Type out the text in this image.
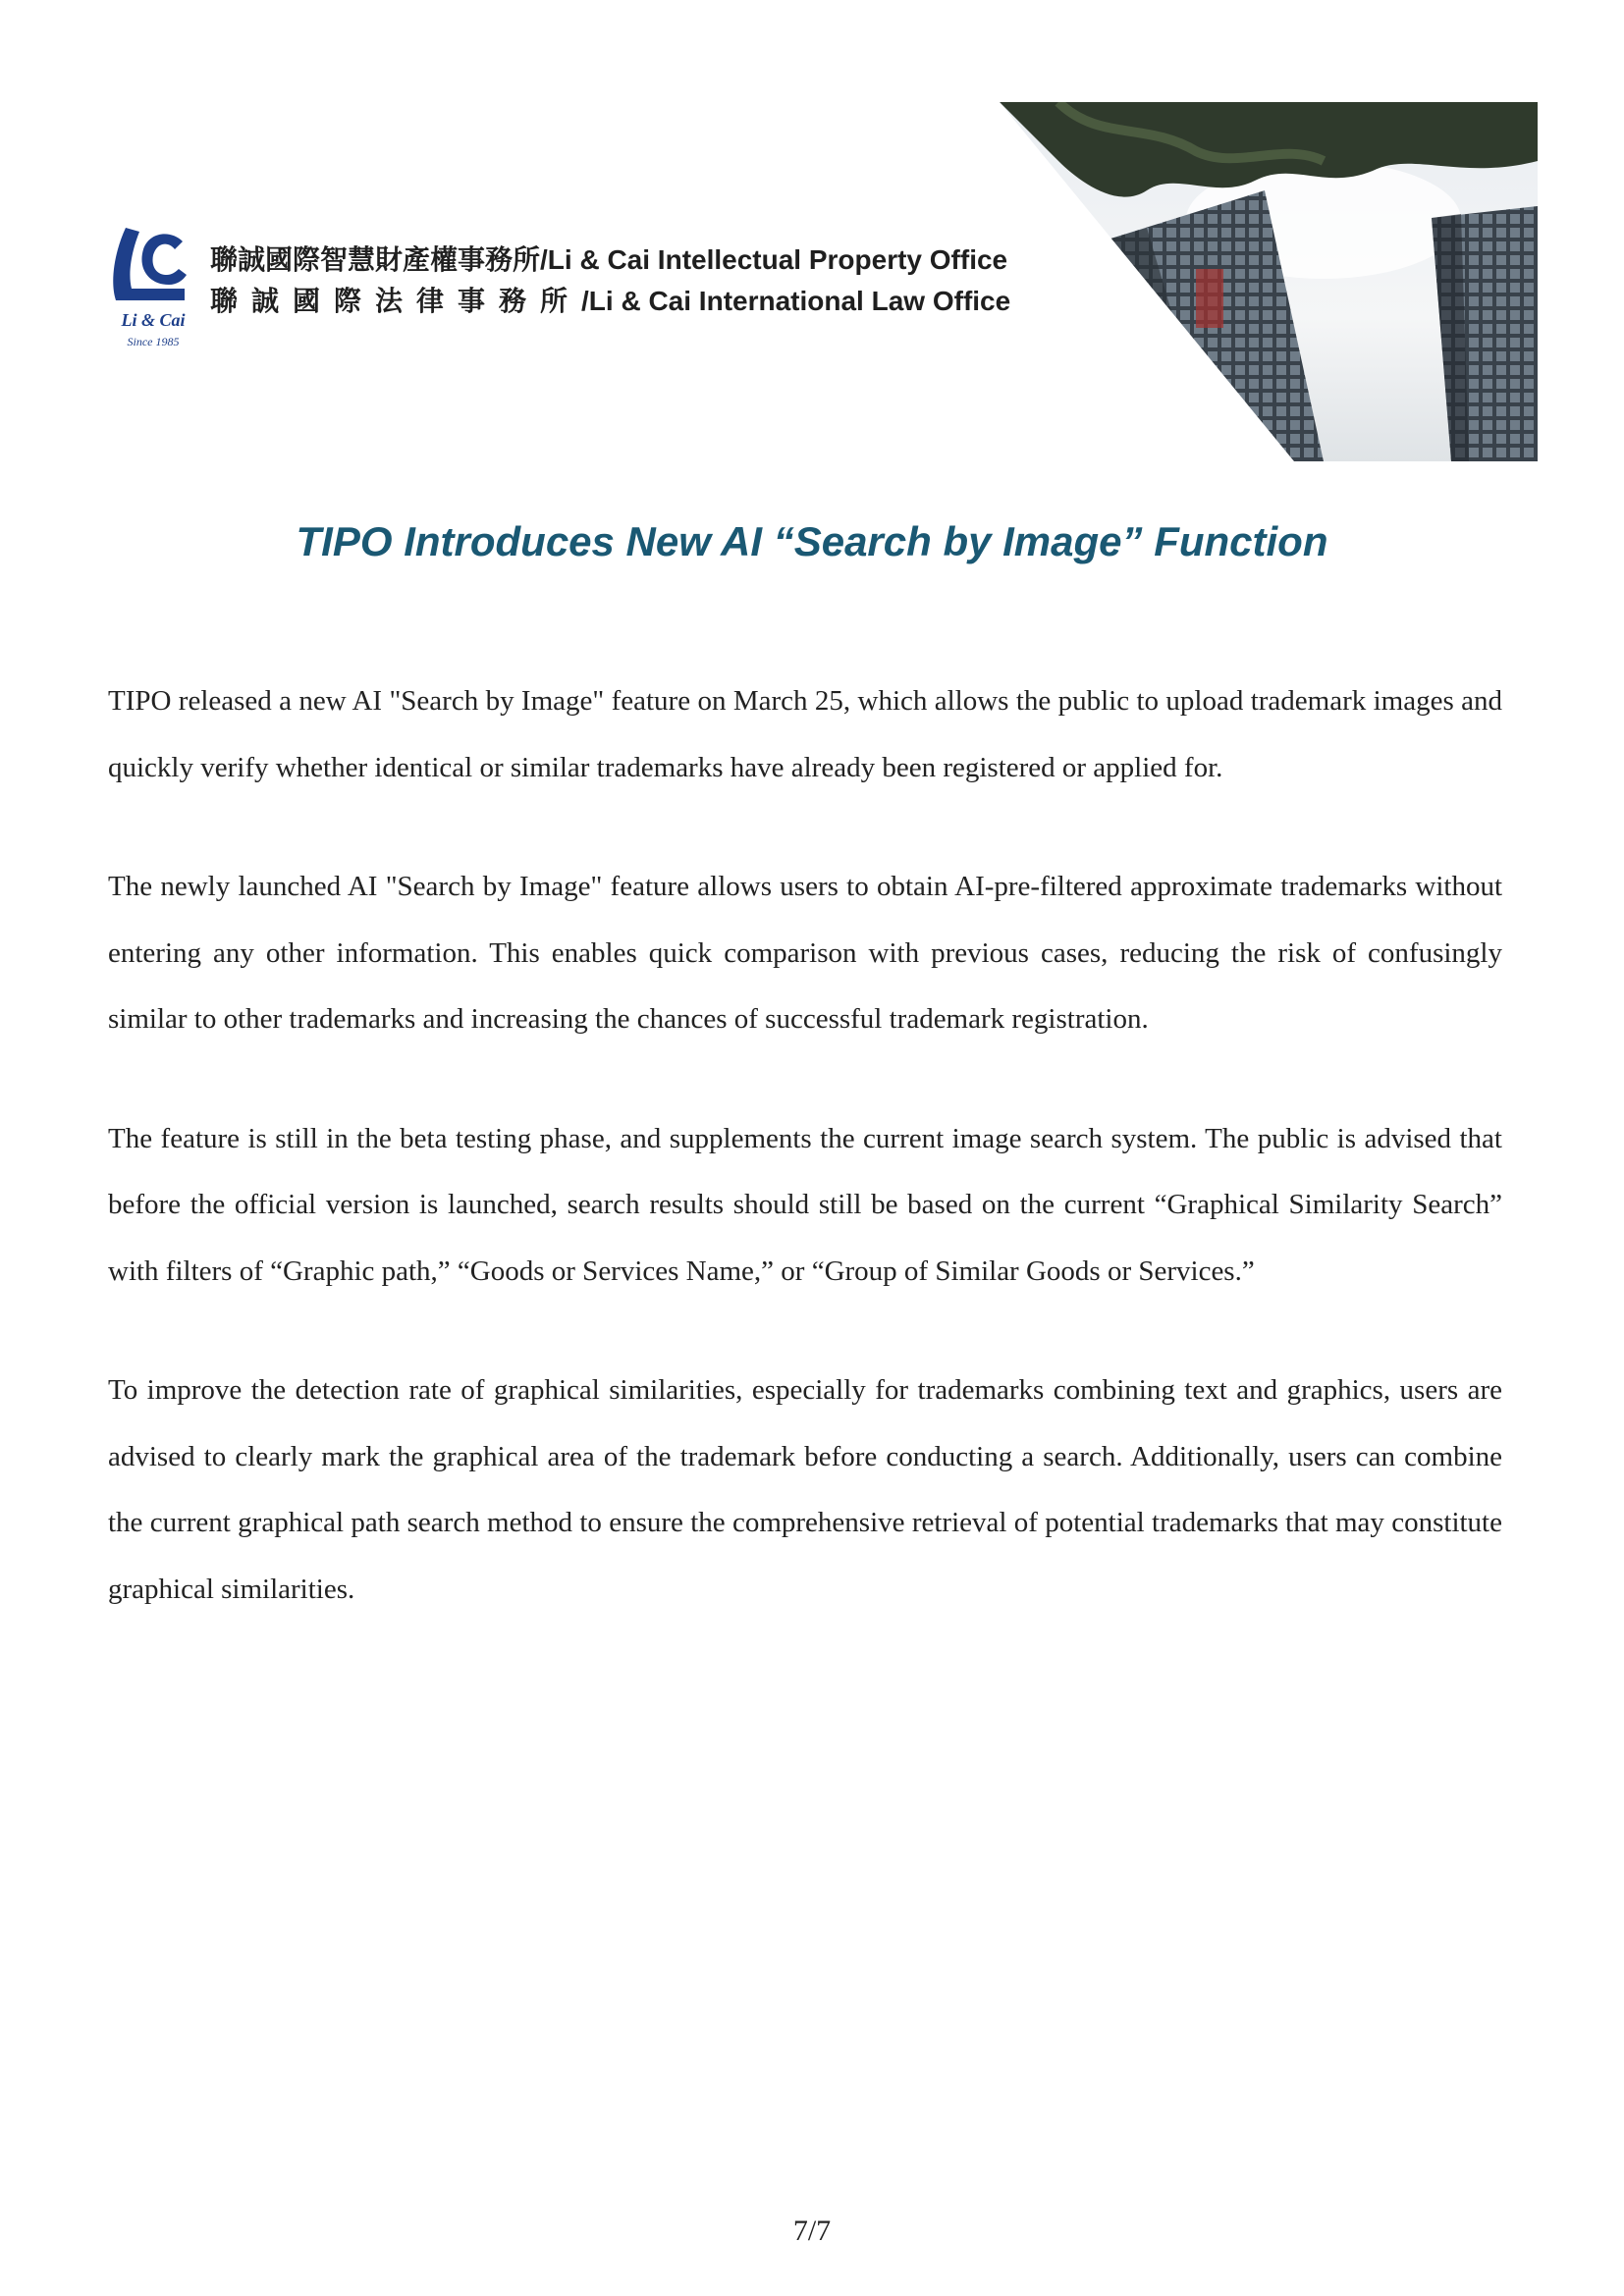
Li & Cai
Since 1985
聯誠國際智慧財產權事務所/Li & Cai Intellectual Property Office
聯誠國際法律事務所/Li & Cai International Law Office
TIPO Introduces New AI “Search by Image” Function

TIPO released a new AI "Search by Image" feature on March 25, which allows the public to upload trademark images and quickly verify whether identical or similar trademarks have already been registered or applied for.

The newly launched AI "Search by Image" feature allows users to obtain AI-pre-filtered approximate trademarks without entering any other information. This enables quick comparison with previous cases, reducing the risk of confusingly similar to other trademarks and increasing the chances of successful trademark registration.

The feature is still in the beta testing phase, and supplements the current image search system. The public is advised that before the official version is launched, search results should still be based on the current “Graphical Similarity Search” with filters of “Graphic path,” “Goods or Services Name,” or “Group of Similar Goods or Services.”

To improve the detection rate of graphical similarities, especially for trademarks combining text and graphics, users are advised to clearly mark the graphical area of the trademark before conducting a search. Additionally, users can combine the current graphical path search method to ensure the comprehensive retrieval of potential trademarks that may constitute graphical similarities.

7/7
